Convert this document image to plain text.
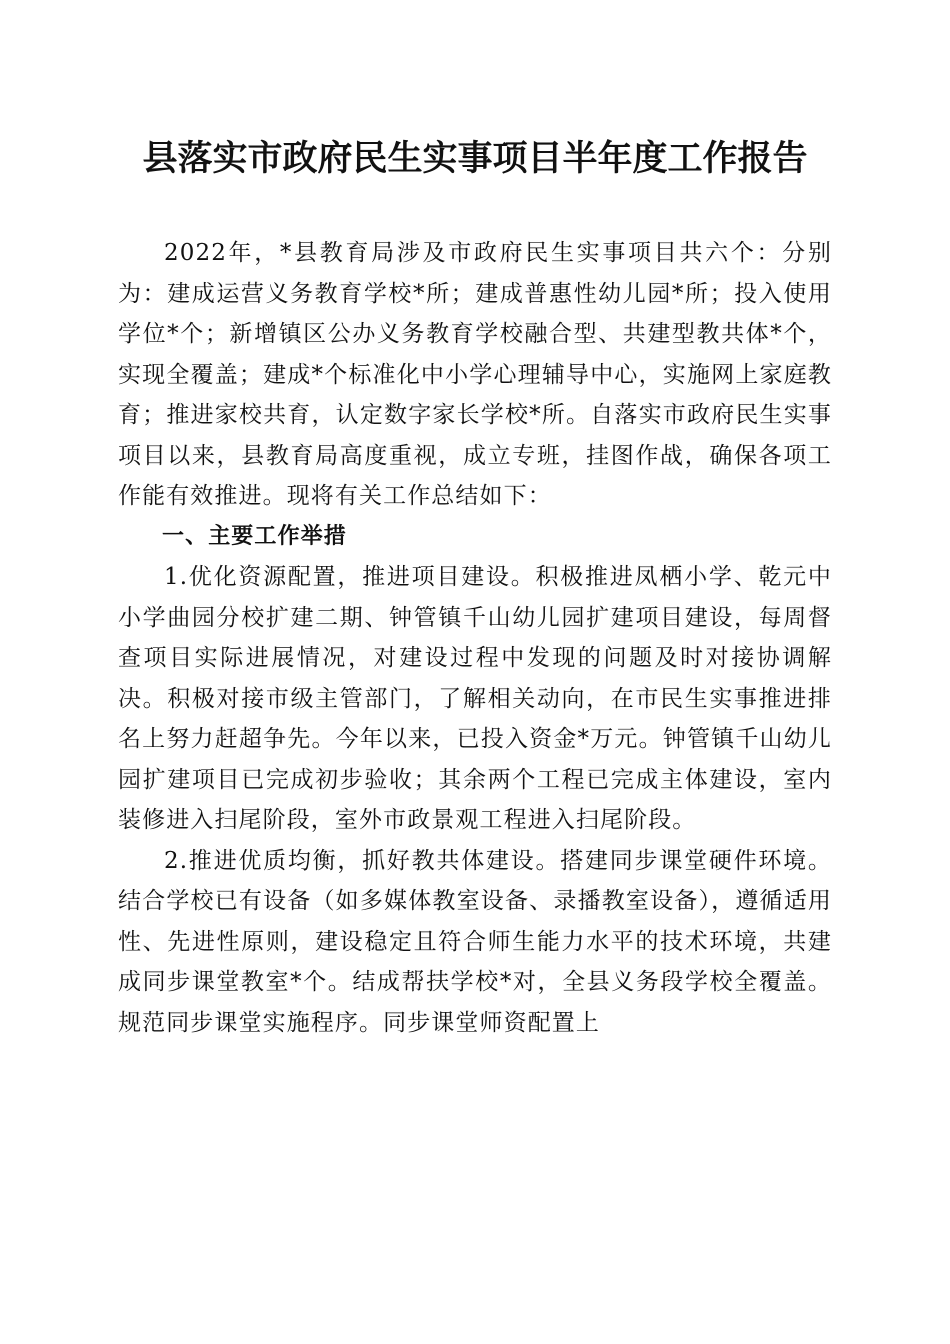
县落实市政府民生实事项目半年度工作报告

2022年，*县教育局涉及市政府民生实事项目共六个：分别为：建成运营义务教育学校*所；建成普惠性幼儿园*所；投入使用学位*个；新增镇区公办义务教育学校融合型、共建型教共体*个，实现全覆盖；建成*个标准化中小学心理辅导中心，实施网上家庭教育；推进家校共育，认定数字家长学校*所。自落实市政府民生实事项目以来，县教育局高度重视，成立专班，挂图作战，确保各项工作能有效推进。现将有关工作总结如下：

一、主要工作举措

1.优化资源配置，推进项目建设。积极推进凤栖小学、乾元中小学曲园分校扩建二期、钟管镇千山幼儿园扩建项目建设，每周督查项目实际进展情况，对建设过程中发现的问题及时对接协调解决。积极对接市级主管部门，了解相关动向，在市民生实事推进排名上努力赶超争先。今年以来，已投入资金*万元。钟管镇千山幼儿园扩建项目已完成初步验收；其余两个工程已完成主体建设，室内装修进入扫尾阶段，室外市政景观工程进入扫尾阶段。

2.推进优质均衡，抓好教共体建设。搭建同步课堂硬件环境。结合学校已有设备（如多媒体教室设备、录播教室设备），遵循适用性、先进性原则，建设稳定且符合师生能力水平的技术环境，共建成同步课堂教室*个。结成帮扶学校*对，全县义务段学校全覆盖。规范同步课堂实施程序。同步课堂师资配置上
